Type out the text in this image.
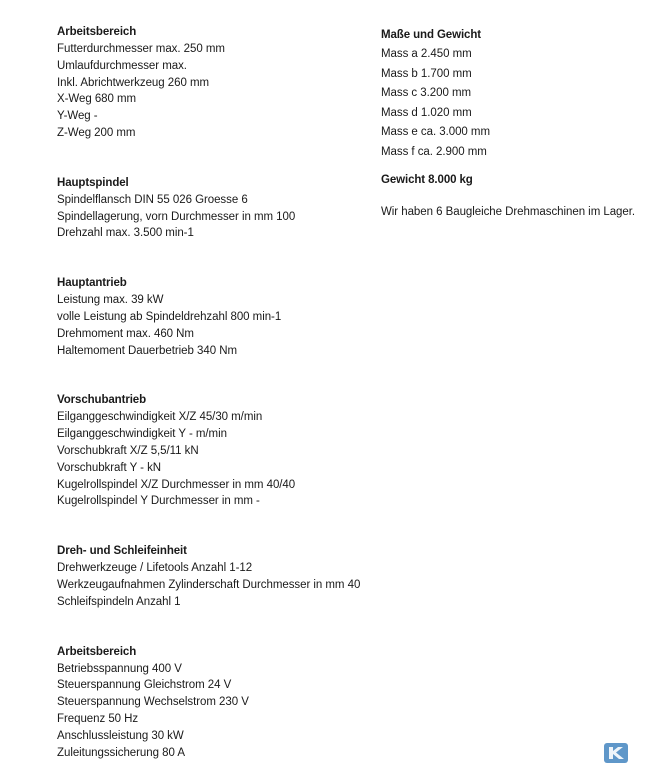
Arbeitsbereich
Futterdurchmesser max. 250 mm
Umlaufdurchmesser max.
Inkl. Abrichtwerkzeug 260 mm
X-Weg 680 mm
Y-Weg -
Z-Weg 200 mm
Hauptspindel
Spindelflansch DIN 55 026 Groesse 6
Spindellagerung, vorn Durchmesser in mm 100
Drehzahl max. 3.500 min-1
Hauptantrieb
Leistung max. 39 kW
volle Leistung ab Spindeldrehzahl 800 min-1
Drehmoment max. 460 Nm
Haltemoment Dauerbetrieb 340 Nm
Vorschubantrieb
Eilganggeschwindigkeit X/Z 45/30 m/min
Eilganggeschwindigkeit Y - m/min
Vorschubkraft X/Z 5,5/11 kN
Vorschubkraft Y - kN
Kugelrollspindel X/Z Durchmesser in mm 40/40
Kugelrollspindel Y Durchmesser in mm -
Dreh- und Schleifeinheit
Drehwerkzeuge / Lifetools Anzahl 1-12
Werkzeugaufnahmen Zylinderschaft Durchmesser in mm 40
Schleifspindeln Anzahl 1
Arbeitsbereich
Betriebsspannung 400 V
Steuerspannung Gleichstrom 24 V
Steuerspannung Wechselstrom 230 V
Frequenz 50 Hz
Anschlussleistung 30 kW
Zuleitungssicherung 80 A
Maße und Gewicht
Mass a 2.450 mm
Mass b 1.700 mm
Mass c 3.200 mm
Mass d 1.020 mm
Mass e ca. 3.000 mm
Mass f ca. 2.900 mm
Gewicht 8.000 kg
Wir haben 6 Baugleiche Drehmaschinen im Lager.
